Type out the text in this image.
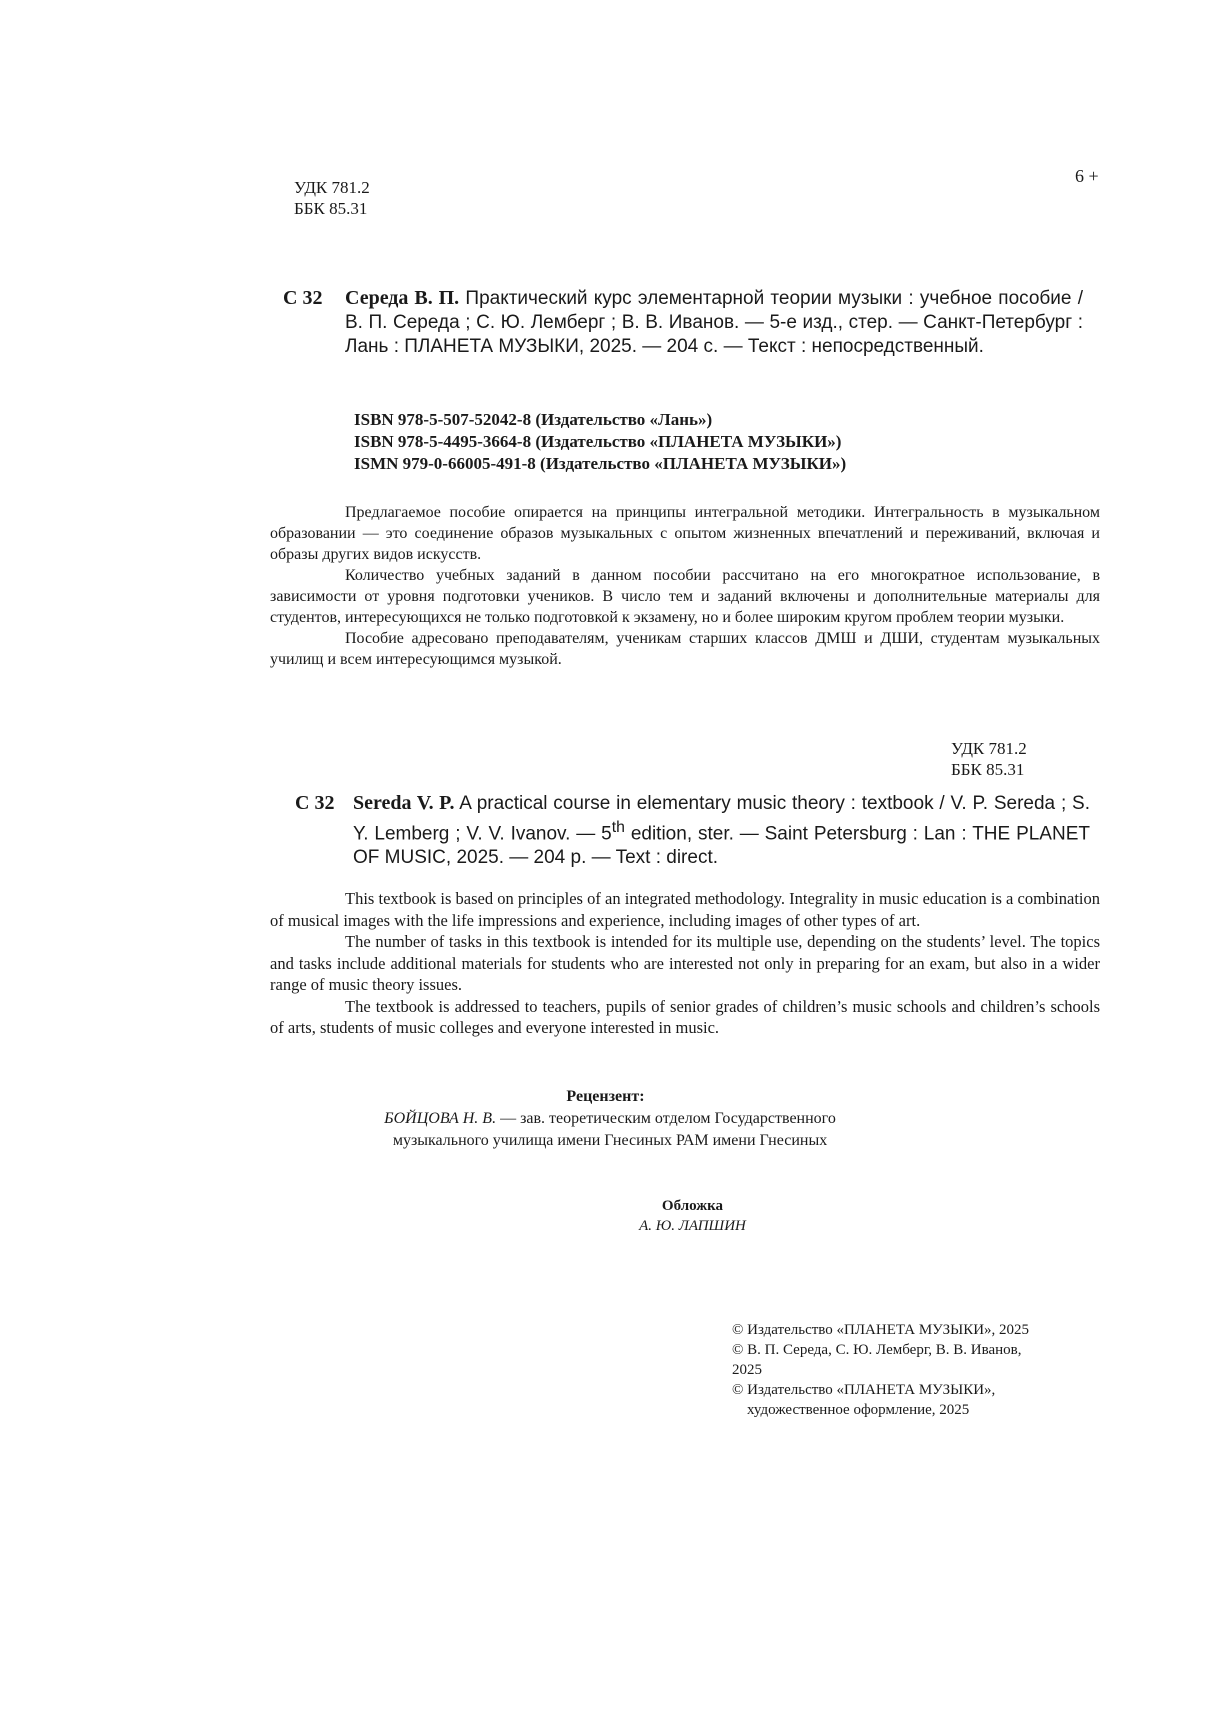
УДК 781.2
ББК 85.31
6 +
С 32 Середа В. П. Практический курс элементарной теории музыки : учебное пособие / В. П. Середа ; С. Ю. Лемберг ; В. В. Иванов. — 5-е изд., стер. — Санкт-Петербург : Лань : ПЛАНЕТА МУЗЫКИ, 2025. — 204 с. — Текст : непосредственный.
ISBN 978-5-507-52042-8 (Издательство «Лань»)
ISBN 978-5-4495-3664-8 (Издательство «ПЛАНЕТА МУЗЫКИ»)
ISMN 979-0-66005-491-8 (Издательство «ПЛАНЕТА МУЗЫКИ»)

Предлагаемое пособие опирается на принципы интегральной методики. Интегральность в музыкальном образовании — это соединение образов музыкальных с опытом жизненных впечатлений и переживаний, включая и образы других видов искусств.

Количество учебных заданий в данном пособии рассчитано на его многократное использование, в зависимости от уровня подготовки учеников. В число тем и заданий включены и дополнительные материалы для студентов, интересующихся не только подготовкой к экзамену, но и более широким кругом проблем теории музыки.

Пособие адресовано преподавателям, ученикам старших классов ДМШ и ДШИ, студентам музыкальных училищ и всем интересующимся музыкой.

УДК 781.2
ББК 85.31
С 32 Sereda V. P. A practical course in elementary music theory : textbook / V. P. Sereda ; S. Y. Lemberg ; V. V. Ivanov. — 5th edition, ster. — Saint Petersburg : Lan : THE PLANET OF MUSIC, 2025. — 204 p. — Text : direct.

This textbook is based on principles of an integrated methodology. Integrality in music education is a combination of musical images with the life impressions and experience, including images of other types of art.

The number of tasks in this textbook is intended for its multiple use, depending on the students’ level. The topics and tasks include additional materials for students who are interested not only in preparing for an exam, but also in a wider range of music theory issues.

The textbook is addressed to teachers, pupils of senior grades of children’s music schools and children’s schools of arts, students of music colleges and everyone interested in music.

Рецензент:
БОЙЦОВА Н. В. — зав. теоретическим отделом Государственного музыкального училища имени Гнесиных РАМ имени Гнесиных
Обложка
А. Ю. ЛАПШИН
© Издательство «ПЛАНЕТА МУЗЫКИ», 2025
© В. П. Середа, С. Ю. Лемберг, В. В. Иванов,
2025
© Издательство «ПЛАНЕТА МУЗЫКИ»,
художественное оформление, 2025
